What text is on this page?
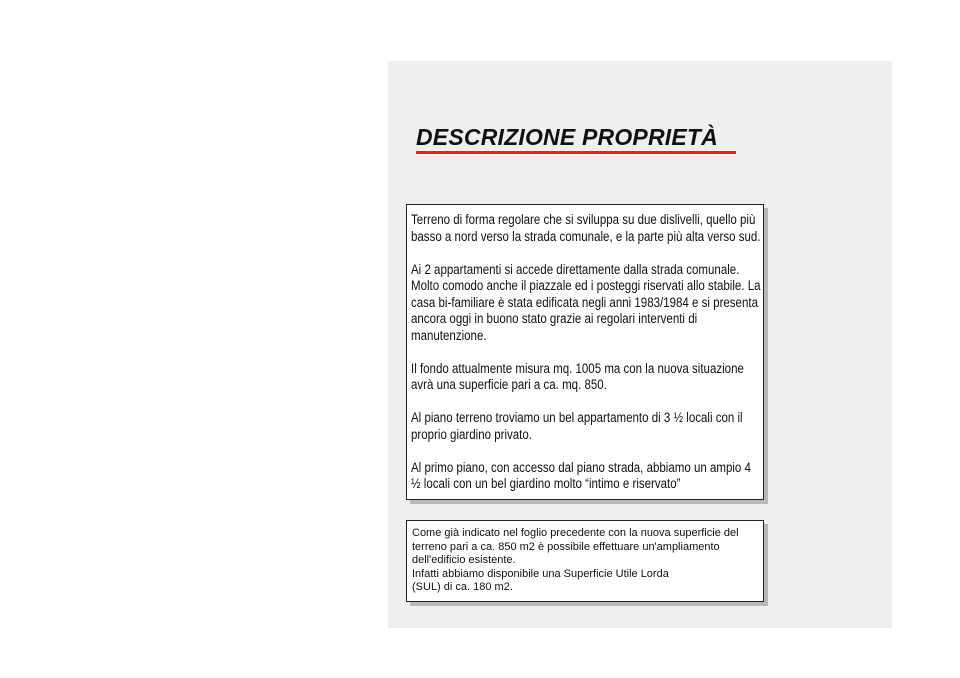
DESCRIZIONE PROPRIETÀ

Terreno di forma regolare che si sviluppa su due dislivelli, quello più basso a nord verso la strada comunale, e la parte più alta verso sud.

Ai 2 appartamenti si accede direttamente dalla strada comunale. Molto comodo anche il piazzale ed i posteggi riservati allo stabile. La casa bi-familiare è stata edificata negli anni 1983/1984 e si presenta ancora oggi in buono stato grazie ai regolari interventi di manutenzione.

Il fondo attualmente misura mq. 1005 ma con la nuova situazione avrà una superficie pari a ca. mq. 850.

Al piano terreno troviamo un bel appartamento di 3 ½ locali con il proprio giardino privato.

Al primo piano, con accesso dal piano strada, abbiamo un ampio 4 ½ locali con un bel giardino molto “intimo e riservato”

Come già indicato nel foglio precedente con la nuova superficie del
terreno pari a ca. 850 m2 è possibile effettuare un'ampliamento
dell'edificio esistente.
Infatti abbiamo disponibile una Superficie Utile Lorda
(SUL) di ca. 180 m2.
